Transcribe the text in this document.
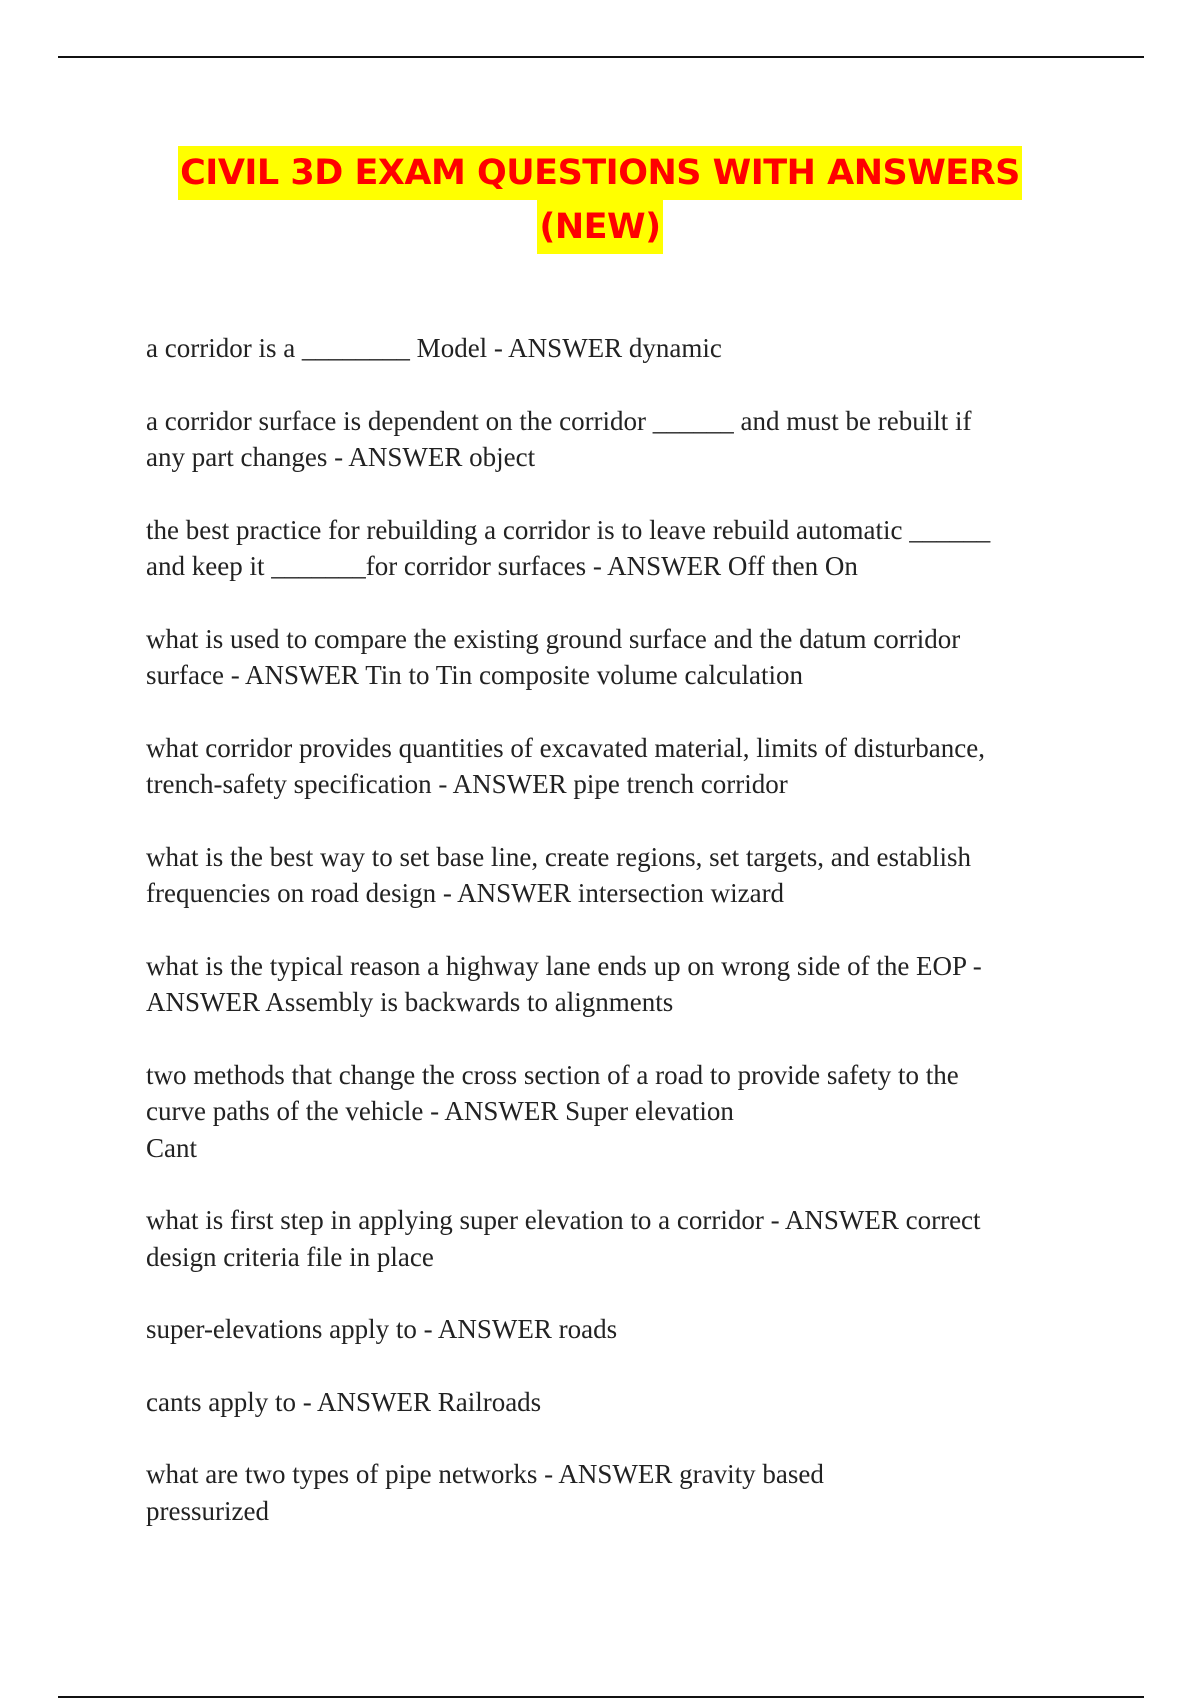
CIVIL 3D EXAM QUESTIONS WITH ANSWERS
(NEW)

a corridor is a ________ Model - ANSWER dynamic

a corridor surface is dependent on the corridor ______ and must be rebuilt if
any part changes - ANSWER object

the best practice for rebuilding a corridor is to leave rebuild automatic ______
and keep it _______for corridor surfaces - ANSWER Off then On

what is used to compare the existing ground surface and the datum corridor
surface - ANSWER Tin to Tin composite volume calculation

what corridor provides quantities of excavated material, limits of disturbance,
trench-safety specification - ANSWER pipe trench corridor

what is the best way to set base line, create regions, set targets, and establish
frequencies on road design - ANSWER intersection wizard

what is the typical reason a highway lane ends up on wrong side of the EOP -
ANSWER Assembly is backwards to alignments

two methods that change the cross section of a road to provide safety to the
curve paths of the vehicle - ANSWER Super elevation
Cant

what is first step in applying super elevation to a corridor - ANSWER correct
design criteria file in place

super-elevations apply to - ANSWER roads

cants apply to - ANSWER Railroads

what are two types of pipe networks - ANSWER gravity based
pressurized
